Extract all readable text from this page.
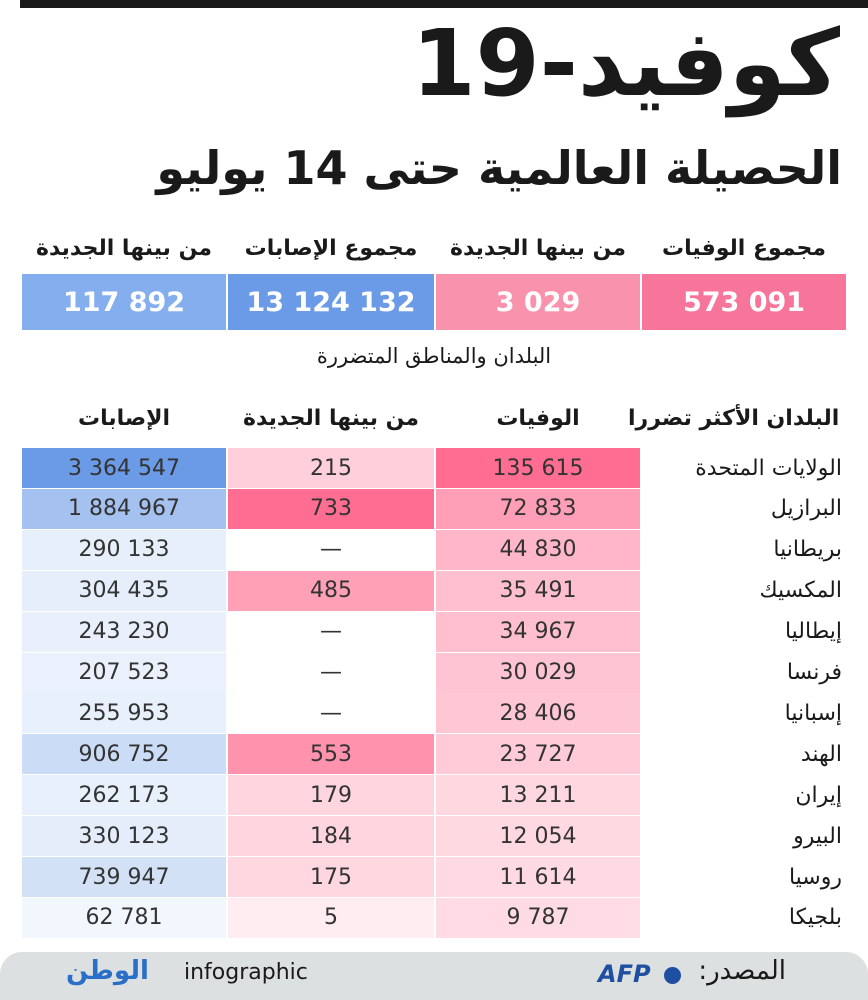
كوفيد-19
الحصيلة العالمية حتى 14 يوليو
مجموع الوفيات
من بينها الجديدة
مجموع الإصابات
من بينها الجديدة
573 091
3 029
13 124 132
117 892
البلدان والمناطق المتضررة
البلدان الأكثر تضررا
الوفيات
من بينها الجديدة
الإصابات
الولايات المتحدة
135 615
215
3 364 547
البرازيل
72 833
733
1 884 967
بريطانيا
44 830
—
290 133
المكسيك
35 491
485
304 435
إيطاليا
34 967
—
243 230
فرنسا
30 029
—
207 523
إسبانيا
28 406
—
255 953
الهند
23 727
553
906 752
إيران
13 211
179
262 173
البيرو
12 054
184
330 123
روسيا
11 614
175
739 947
بلجيكا
9 787
5
62 781
المصدر:
AFP
infographic
الوطن
